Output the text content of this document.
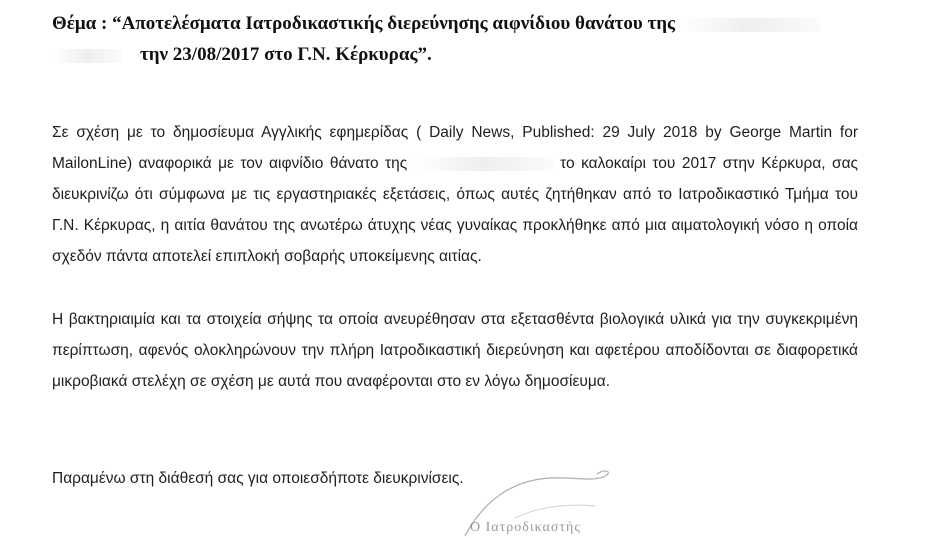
Θέμα : “Αποτελέσματα Ιατροδικαστικής διερεύνησης αιφνίδιου θανάτου της
την 23/08/2017 στο Γ.Ν. Κέρκυρας”.
Σε σχέση με το δημοσίευμα Αγγλικής εφημερίδας ( Daily News, Published: 29 July 2018 by George Martin for MailonLine) αναφορικά με τον αιφνίδιο θάνατο της	το καλοκαίρι του 2017 στην Κέρκυρα, σας διευκρινίζω ότι σύμφωνα με τις εργαστηριακές εξετάσεις, όπως αυτές ζητήθηκαν από το Ιατροδικαστικό Τμήμα του Γ.Ν. Κέρκυρας, η αιτία θανάτου της ανωτέρω άτυχης νέας γυναίκας προκλήθηκε από μια αιματολογική νόσο η οποία σχεδόν πάντα αποτελεί επιπλοκή σοβαρής υποκείμενης αιτίας.
Η βακτηριαιμία και τα στοιχεία σήψης τα οποία ανευρέθησαν στα εξετασθέντα βιολογικά υλικά για την συγκεκριμένη περίπτωση, αφενός ολοκληρώνουν την πλήρη Ιατροδικαστική διερεύνηση και αφετέρου αποδίδονται σε διαφορετικά μικροβιακά στελέχη σε σχέση με αυτά που αναφέρονται στο εν λόγω δημοσίευμα.
Παραμένω στη διάθεσή σας για οποιεσδήποτε διευκρινίσεις.
Ο Ιατροδικαστής
